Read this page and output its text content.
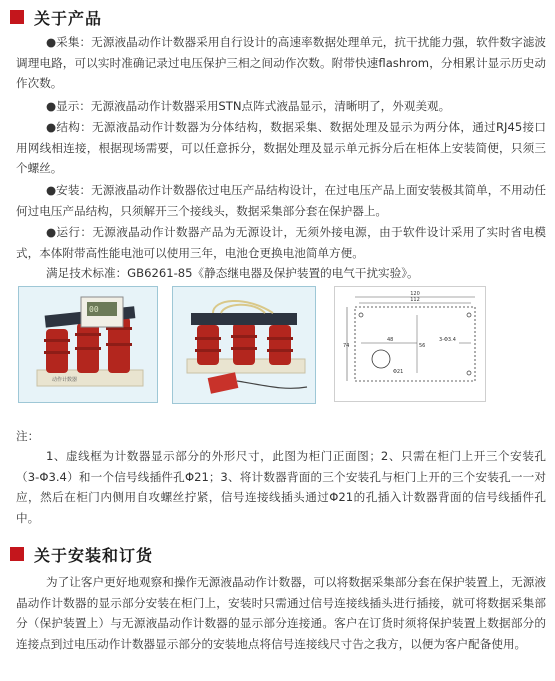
关于产品

●采集：无源液晶动作计数器采用自行设计的高速率数据处理单元，抗干扰能力强，软件数字滤波调理电路，可以实时准确记录过电压保护三相之间动作次数。附带快速flashrom，分相累计显示历史动作次数。

●显示：无源液晶动作计数器采用STN点阵式液晶显示，清晰明了，外观美观。

●结构：无源液晶动作计数器为分体结构，数据采集、数据处理及显示为两分体，通过RJ45接口用网线相连接，根据现场需要，可以任意拆分，数据处理及显示单元拆分后在柜体上安装简便，只须三个螺丝。

●安装：无源液晶动作计数器依过电压产品结构设计，在过电压产品上面安装极其简单，不用动任何过电压产品结构，只须解开三个接线头，数据采集部分套在保护器上。

●运行：无源液晶动作计数器产品为无源设计，无须外接电源，由于软件设计采用了实时省电模式，本体附带高性能电池可以使用三年，电池仓更换电池简单方便。

满足技术标准：GB6261-85《静态继电器及保护装置的电气干扰实验》。

00
动作计数器
120
112
74	56
48	3-Φ3.4
Φ21
注：

1、虚线框为计数器显示部分的外形尺寸，此图为柜门正面图；2、只需在柜门上开三个安装孔（3-Φ3.4）和一个信号线插件孔Φ21；3、将计数器背面的三个安装孔与柜门上开的三个安装孔一一对应，然后在柜门内侧用自攻螺丝拧紧，信号连接线插头通过Φ21的孔插入计数器背面的信号线插件孔中。

关于安装和订货

为了让客户更好地观察和操作无源液晶动作计数器，可以将数据采集部分套在保护装置上，无源液晶动作计数器的显示部分安装在柜门上，安装时只需通过信号连接线插头进行插接，就可将数据采集部分（保护装置上）与无源液晶动作计数器的显示部分连接通。客户在订货时须将保护装置上数据部分的连接点到过电压动作计数器显示部分的安装地点将信号连接线尺寸告之我方，以便为客户配备使用。
